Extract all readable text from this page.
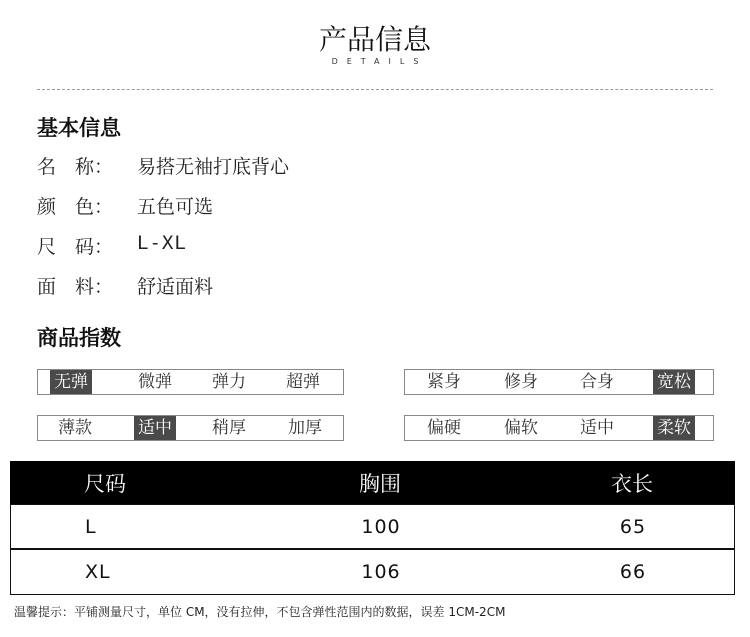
产品信息
DETAILS
基本信息
名　称：	易搭无袖打底背心
颜　色：	五色可选
尺　码：	L-XL
面　料：	舒适面料
商品指数
无弹	微弹 弹力 超弹	紧身	修身 合身	宽松
薄款	适中 稍厚 加厚	偏硬	偏软 适中	柔软
尺码	胸围	衣长
L	100	65
XL	106	66
温馨提示：平铺测量尺寸，单位 CM，没有拉伸，不包含弹性范围内的数据，误差 1CM-2CM
